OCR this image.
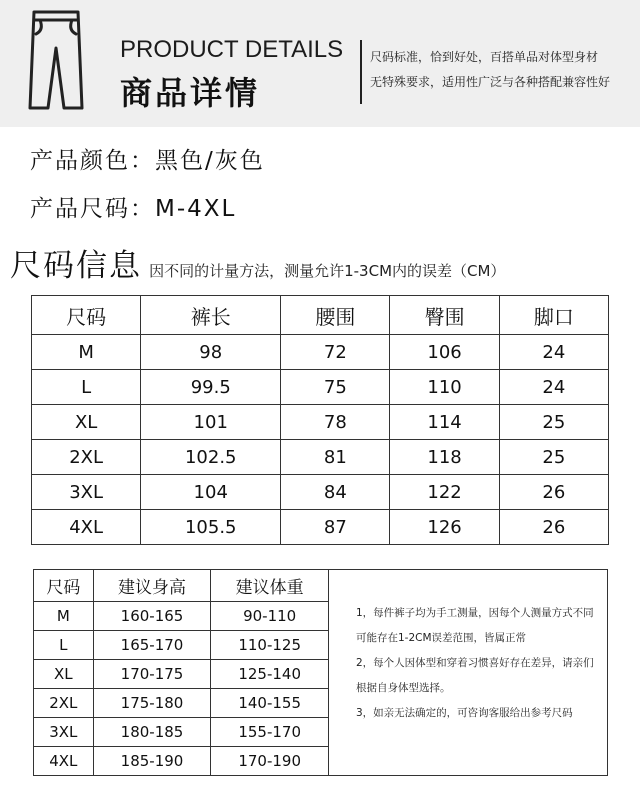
PRODUCT DETAILS
商品详情
尺码标准，恰到好处，百搭单品对体型身材
无特殊要求，适用性广泛与各种搭配兼容性好
产品颜色：黑色/灰色
产品尺码：M-4XL
尺码信息 因不同的计量方法，测量允许1-3CM内的误差（CM）
尺码	裤长	腰围	臀围	脚口
M	98	72	106	24
L	99.5	75	110	24
XL	101	78	114	25
2XL	102.5	81	118	25
3XL	104	84	122	26
4XL	105.5	87	126	26
尺码	建议身高	建议体重
M	160-165	90-110
L	165-170	110-125
XL	170-175	125-140
2XL	175-180	140-155
3XL	180-185	155-170
4XL	185-190	170-190
1，每件裤子均为手工测量，因每个人测量方式不同
可能存在1-2CM误差范围，皆属正常
2，每个人因体型和穿着习惯喜好存在差异，请亲们
根据自身体型选择。
3，如亲无法确定的，可咨询客服给出参考尺码
